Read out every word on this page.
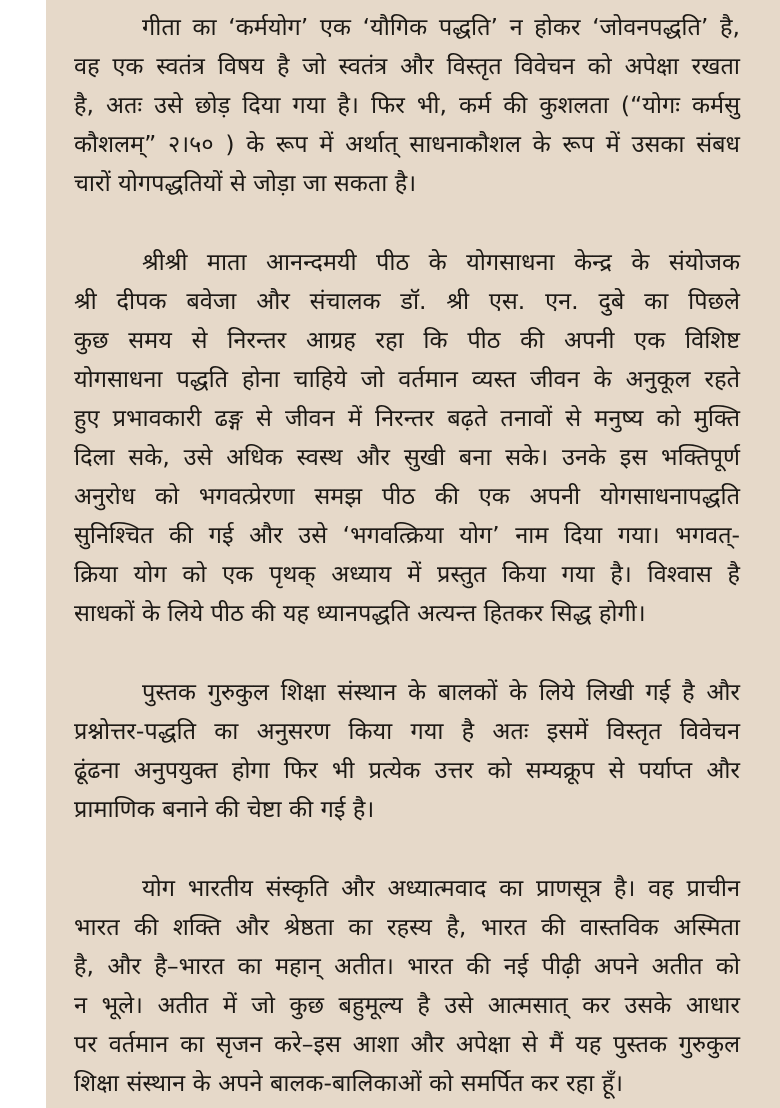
गीता का ‘कर्मयोग’ एक ‘यौगिक पद्धति’ न होकर ‘जोवनपद्धति’ है,
वह एक स्वतंत्र विषय है जो स्वतंत्र और विस्तृत विवेचन को अपेक्षा रखता
है, अतः उसे छोड़ दिया गया है। फिर भी, कर्म की कुशलता (“योगः कर्मसु
कौशलम्” २।५० ) के रूप में अर्थात् साधनाकौशल के रूप में उसका संबध
चारों योगपद्धतियों से जोड़ा जा सकता है।

श्रीश्री माता आनन्दमयी पीठ के योगसाधना केन्द्र के संयोजक
श्री दीपक बवेजा और संचालक डॉ. श्री एस. एन. दुबे का पिछले
कुछ समय से निरन्तर आग्रह रहा कि पीठ की अपनी एक विशिष्ट
योगसाधना पद्धति होना चाहिये जो वर्तमान व्यस्त जीवन के अनुकूल रहते
हुए प्रभावकारी ढङ्ग से जीवन में निरन्तर बढ़ते तनावों से मनुष्य को मुक्ति
दिला सके, उसे अधिक स्वस्थ और सुखी बना सके। उनके इस भक्तिपूर्ण
अनुरोध को भगवत्प्रेरणा समझ पीठ की एक अपनी योगसाधनापद्धति
सुनिश्चित की गई और उसे ‘भगवत्क्रिया योग’ नाम दिया गया। भगवत्-
क्रिया योग को एक पृथक् अध्याय में प्रस्तुत किया गया है। विश्वास है
साधकों के लिये पीठ की यह ध्यानपद्धति अत्यन्त हितकर सिद्ध होगी।

पुस्तक गुरुकुल शिक्षा संस्थान के बालकों के लिये लिखी गई है और
प्रश्नोत्तर-पद्धति का अनुसरण किया गया है अतः इसमें विस्तृत विवेचन
ढूंढना अनुपयुक्त होगा फिर भी प्रत्येक उत्तर को सम्यक्रूप से पर्याप्त और
प्रामाणिक बनाने की चेष्टा की गई है।

योग भारतीय संस्कृति और अध्यात्मवाद का प्राणसूत्र है। वह प्राचीन
भारत की शक्ति और श्रेष्ठता का रहस्य है, भारत की वास्तविक अस्मिता
है, और है–भारत का महान् अतीत। भारत की नई पीढ़ी अपने अतीत को
न भूले। अतीत में जो कुछ बहुमूल्य है उसे आत्मसात् कर उसके आधार
पर वर्तमान का सृजन करे–इस आशा और अपेक्षा से मैं यह पुस्तक गुरुकुल
शिक्षा संस्थान के अपने बालक-बालिकाओं को समर्पित कर रहा हूँ।
